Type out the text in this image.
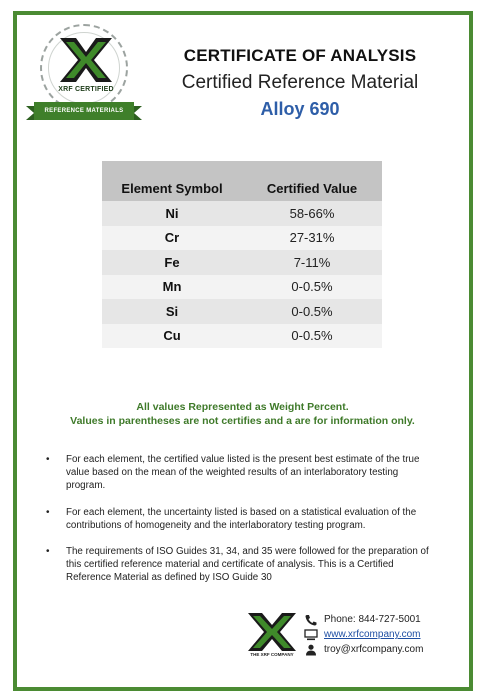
XRF CERTIFIED
REFERENCE MATERIALS
CERTIFICATE OF ANALYSIS
Certified Reference Material
Alloy 690
Element Symbol	Certified Value
Ni	58-66%
Cr	27-31%
Fe	7-11%
Mn	0-0.5%
Si	0-0.5%
Cu	0-0.5%
All values Represented as Weight Percent.
Values in parentheses are not certifies and a are for information only.
• For each element, the certified value listed is the present best estimate of the true value based on the mean of the weighted results of an interlaboratory testing program.
• For each element, the uncertainty listed is based on a statistical evaluation of the contributions of homogeneity and the interlaboratory testing program.
• The requirements of ISO Guides 31, 34, and 35 were followed for the preparation of this certified reference material and certificate of analysis. This is a Certified Reference Material as defined by ISO Guide 30
THE XRF COMPANY
Phone: 844-727-5001
www.xrfcompany.com
troy@xrfcompany.com
